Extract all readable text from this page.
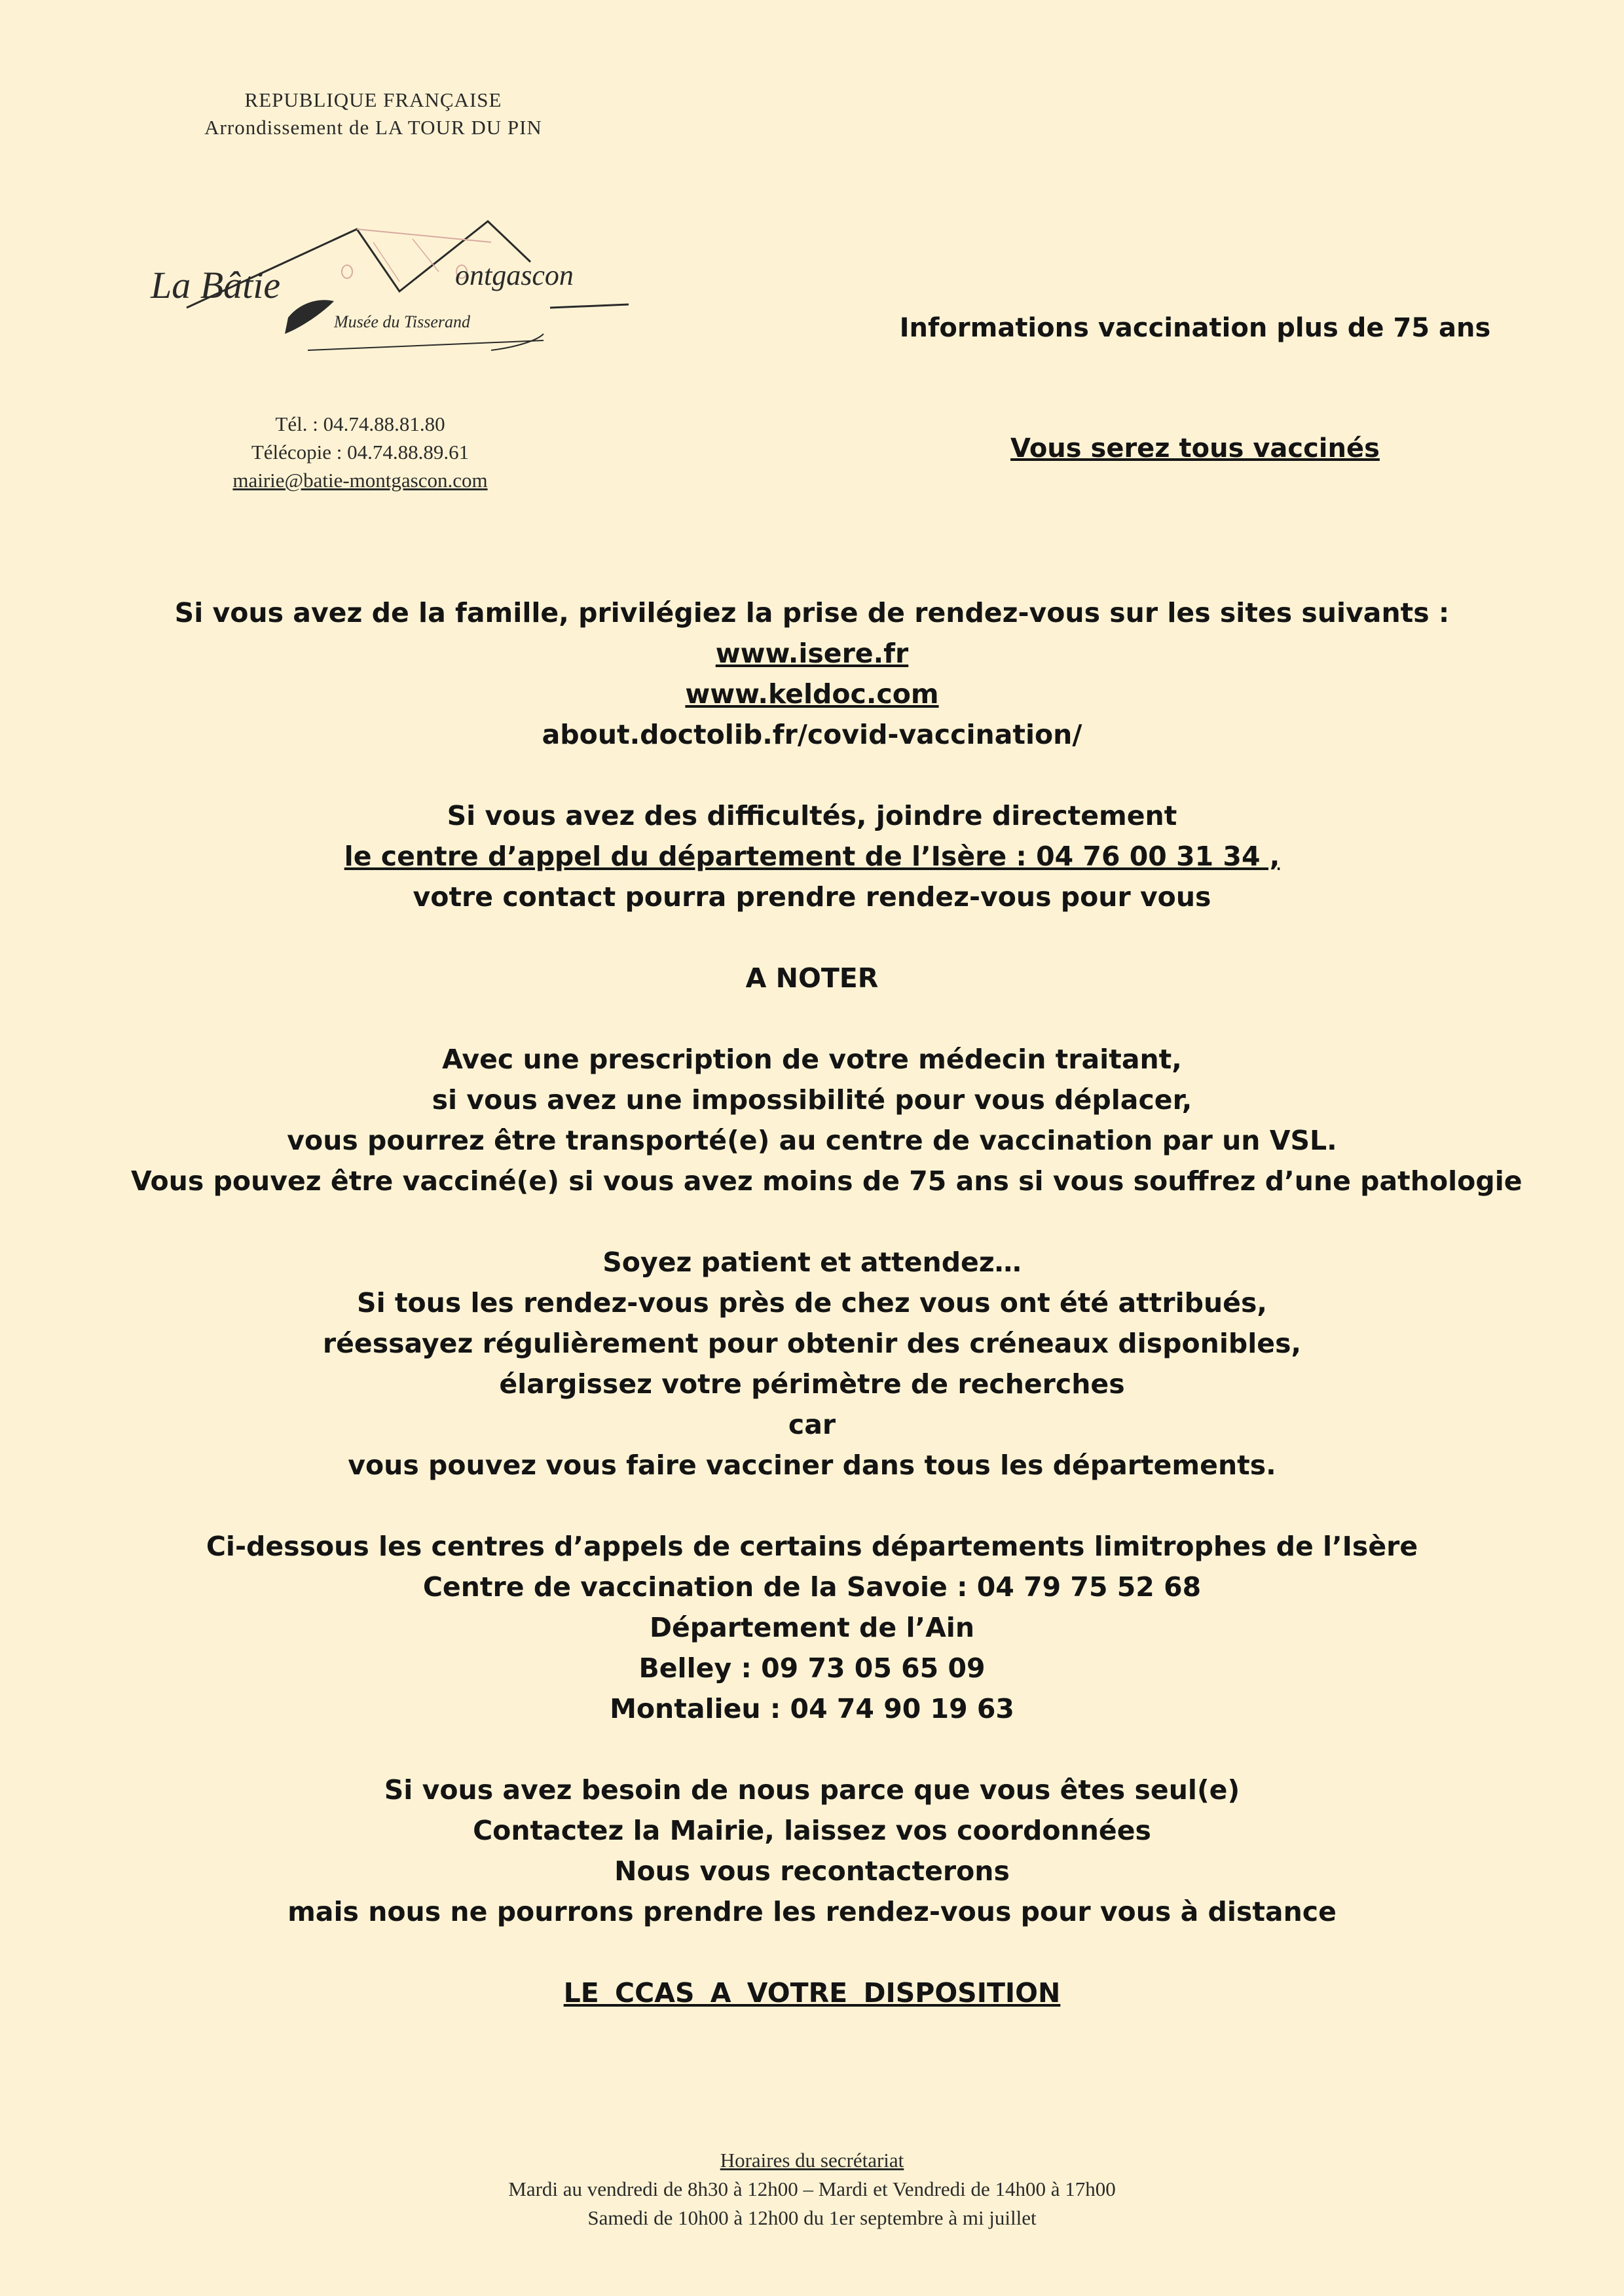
REPUBLIQUE FRANÇAISE
Arrondissement de LA TOUR DU PIN
La Bâtie	ontgascon
Musée du Tisserand
Tél. : 04.74.88.81.80
Télécopie : 04.74.88.89.61
mairie@batie-montgascon.com
Informations vaccination plus de 75 ans
Vous serez tous vaccinés
Si vous avez de la famille, privilégiez la prise de rendez-vous sur les sites suivants :
www.isere.fr
www.keldoc.com
about.doctolib.fr/covid-vaccination/
Si vous avez des difficultés, joindre directement
le centre d’appel du département de l’Isère : 04 76 00 31 34 ,
votre contact pourra prendre rendez-vous pour vous
A NOTER
Avec une prescription de votre médecin traitant,
si vous avez une impossibilité pour vous déplacer,
vous pourrez être transporté(e) au centre de vaccination par un VSL.
Vous pouvez être vacciné(e) si vous avez moins de 75 ans si vous souffrez d’une pathologie
Soyez patient et attendez…
Si tous les rendez-vous près de chez vous ont été attribués,
réessayez régulièrement pour obtenir des créneaux disponibles,
élargissez votre périmètre de recherches
car
vous pouvez vous faire vacciner dans tous les départements.
Ci-dessous les centres d’appels de certains départements limitrophes de l’Isère
Centre de vaccination de la Savoie : 04 79 75 52 68
Département de l’Ain
Belley : 09 73 05 65 09
Montalieu : 04 74 90 19 63
Si vous avez besoin de nous parce que vous êtes seul(e)
Contactez la Mairie, laissez vos coordonnées
Nous vous recontacterons
mais nous ne pourrons prendre les rendez-vous pour vous à distance
LE CCAS A VOTRE DISPOSITION
Horaires du secrétariat
Mardi au vendredi de 8h30 à 12h00 – Mardi et Vendredi de 14h00 à 17h00
Samedi de 10h00 à 12h00 du 1er septembre à mi juillet
